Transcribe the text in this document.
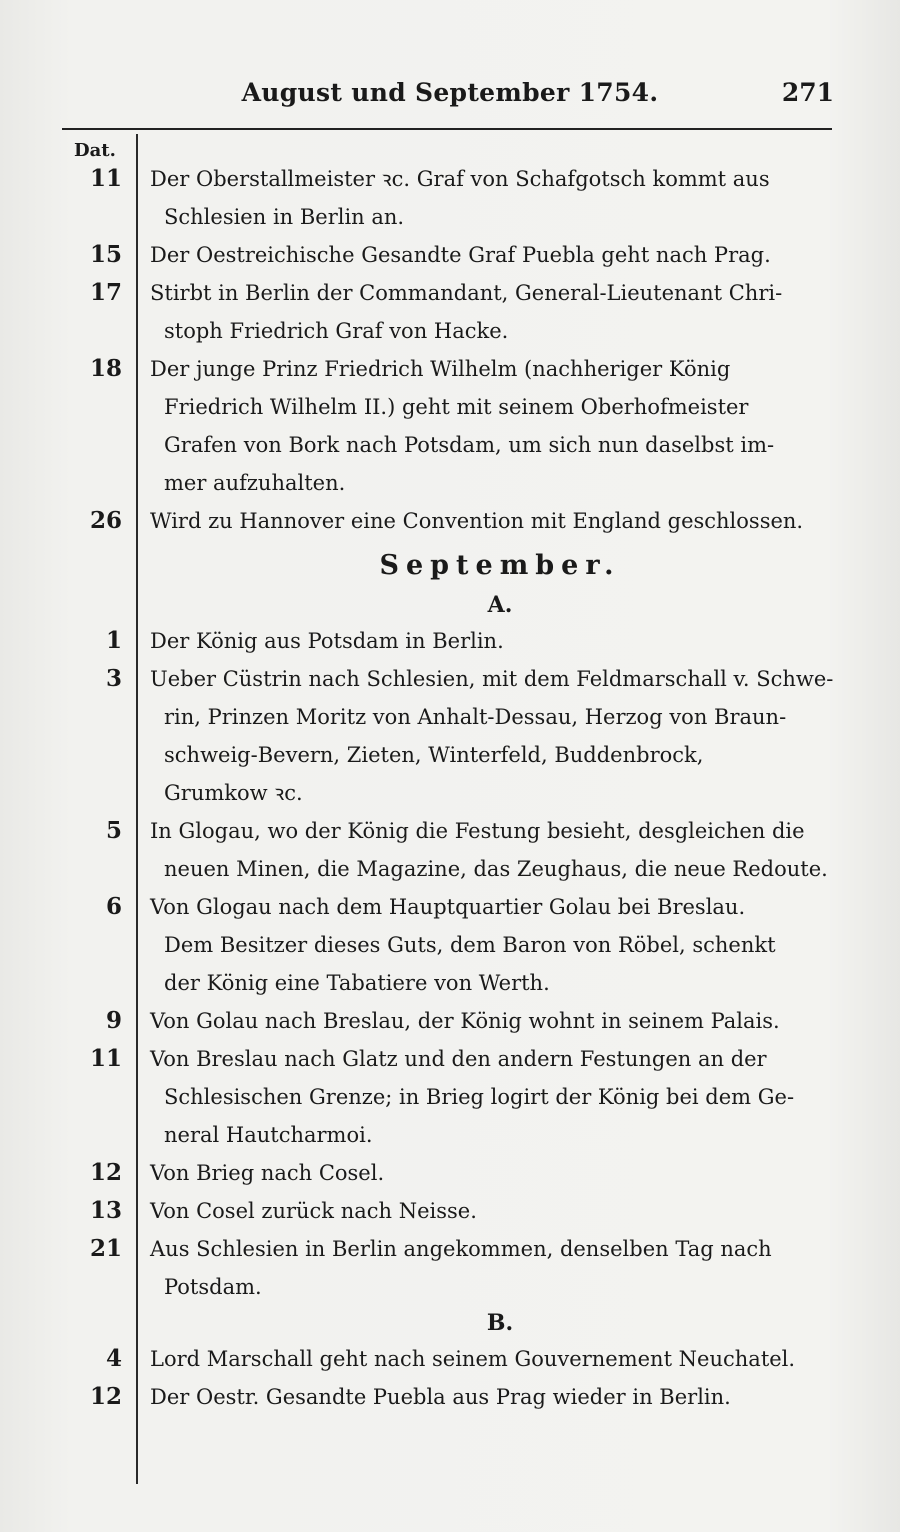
August und September 1754.	271
Dat.
11 Der Oberstallmeister ꝛc. Graf von Schafgotsch kommt aus
Schlesien in Berlin an.
15 Der Oestreichische Gesandte Graf Puebla geht nach Prag.
17 Stirbt in Berlin der Commandant, General-Lieutenant Chri-
stoph Friedrich Graf von Hacke.
18 Der junge Prinz Friedrich Wilhelm (nachheriger König
Friedrich Wilhelm II.) geht mit seinem Oberhofmeister
Grafen von Bork nach Potsdam, um sich nun daselbst im-
mer aufzuhalten.
26 Wird zu Hannover eine Convention mit England geschlossen.
September.
A.
1 Der König aus Potsdam in Berlin.
3 Ueber Cüstrin nach Schlesien, mit dem Feldmarschall v. Schwe-
rin, Prinzen Moritz von Anhalt-Dessau, Herzog von Braun-
schweig-Bevern, Zieten, Winterfeld, Buddenbrock,
Grumkow ꝛc.
5 In Glogau, wo der König die Festung besieht, desgleichen die
neuen Minen, die Magazine, das Zeughaus, die neue Redoute.
6 Von Glogau nach dem Hauptquartier Golau bei Breslau.
Dem Besitzer dieses Guts, dem Baron von Röbel, schenkt
der König eine Tabatiere von Werth.
9 Von Golau nach Breslau, der König wohnt in seinem Palais.
11 Von Breslau nach Glatz und den andern Festungen an der
Schlesischen Grenze; in Brieg logirt der König bei dem Ge-
neral Hautcharmoi.
12 Von Brieg nach Cosel.
13 Von Cosel zurück nach Neisse.
21 Aus Schlesien in Berlin angekommen, denselben Tag nach
Potsdam.
B.
4 Lord Marschall geht nach seinem Gouvernement Neuchatel.
12 Der Oestr. Gesandte Puebla aus Prag wieder in Berlin.
